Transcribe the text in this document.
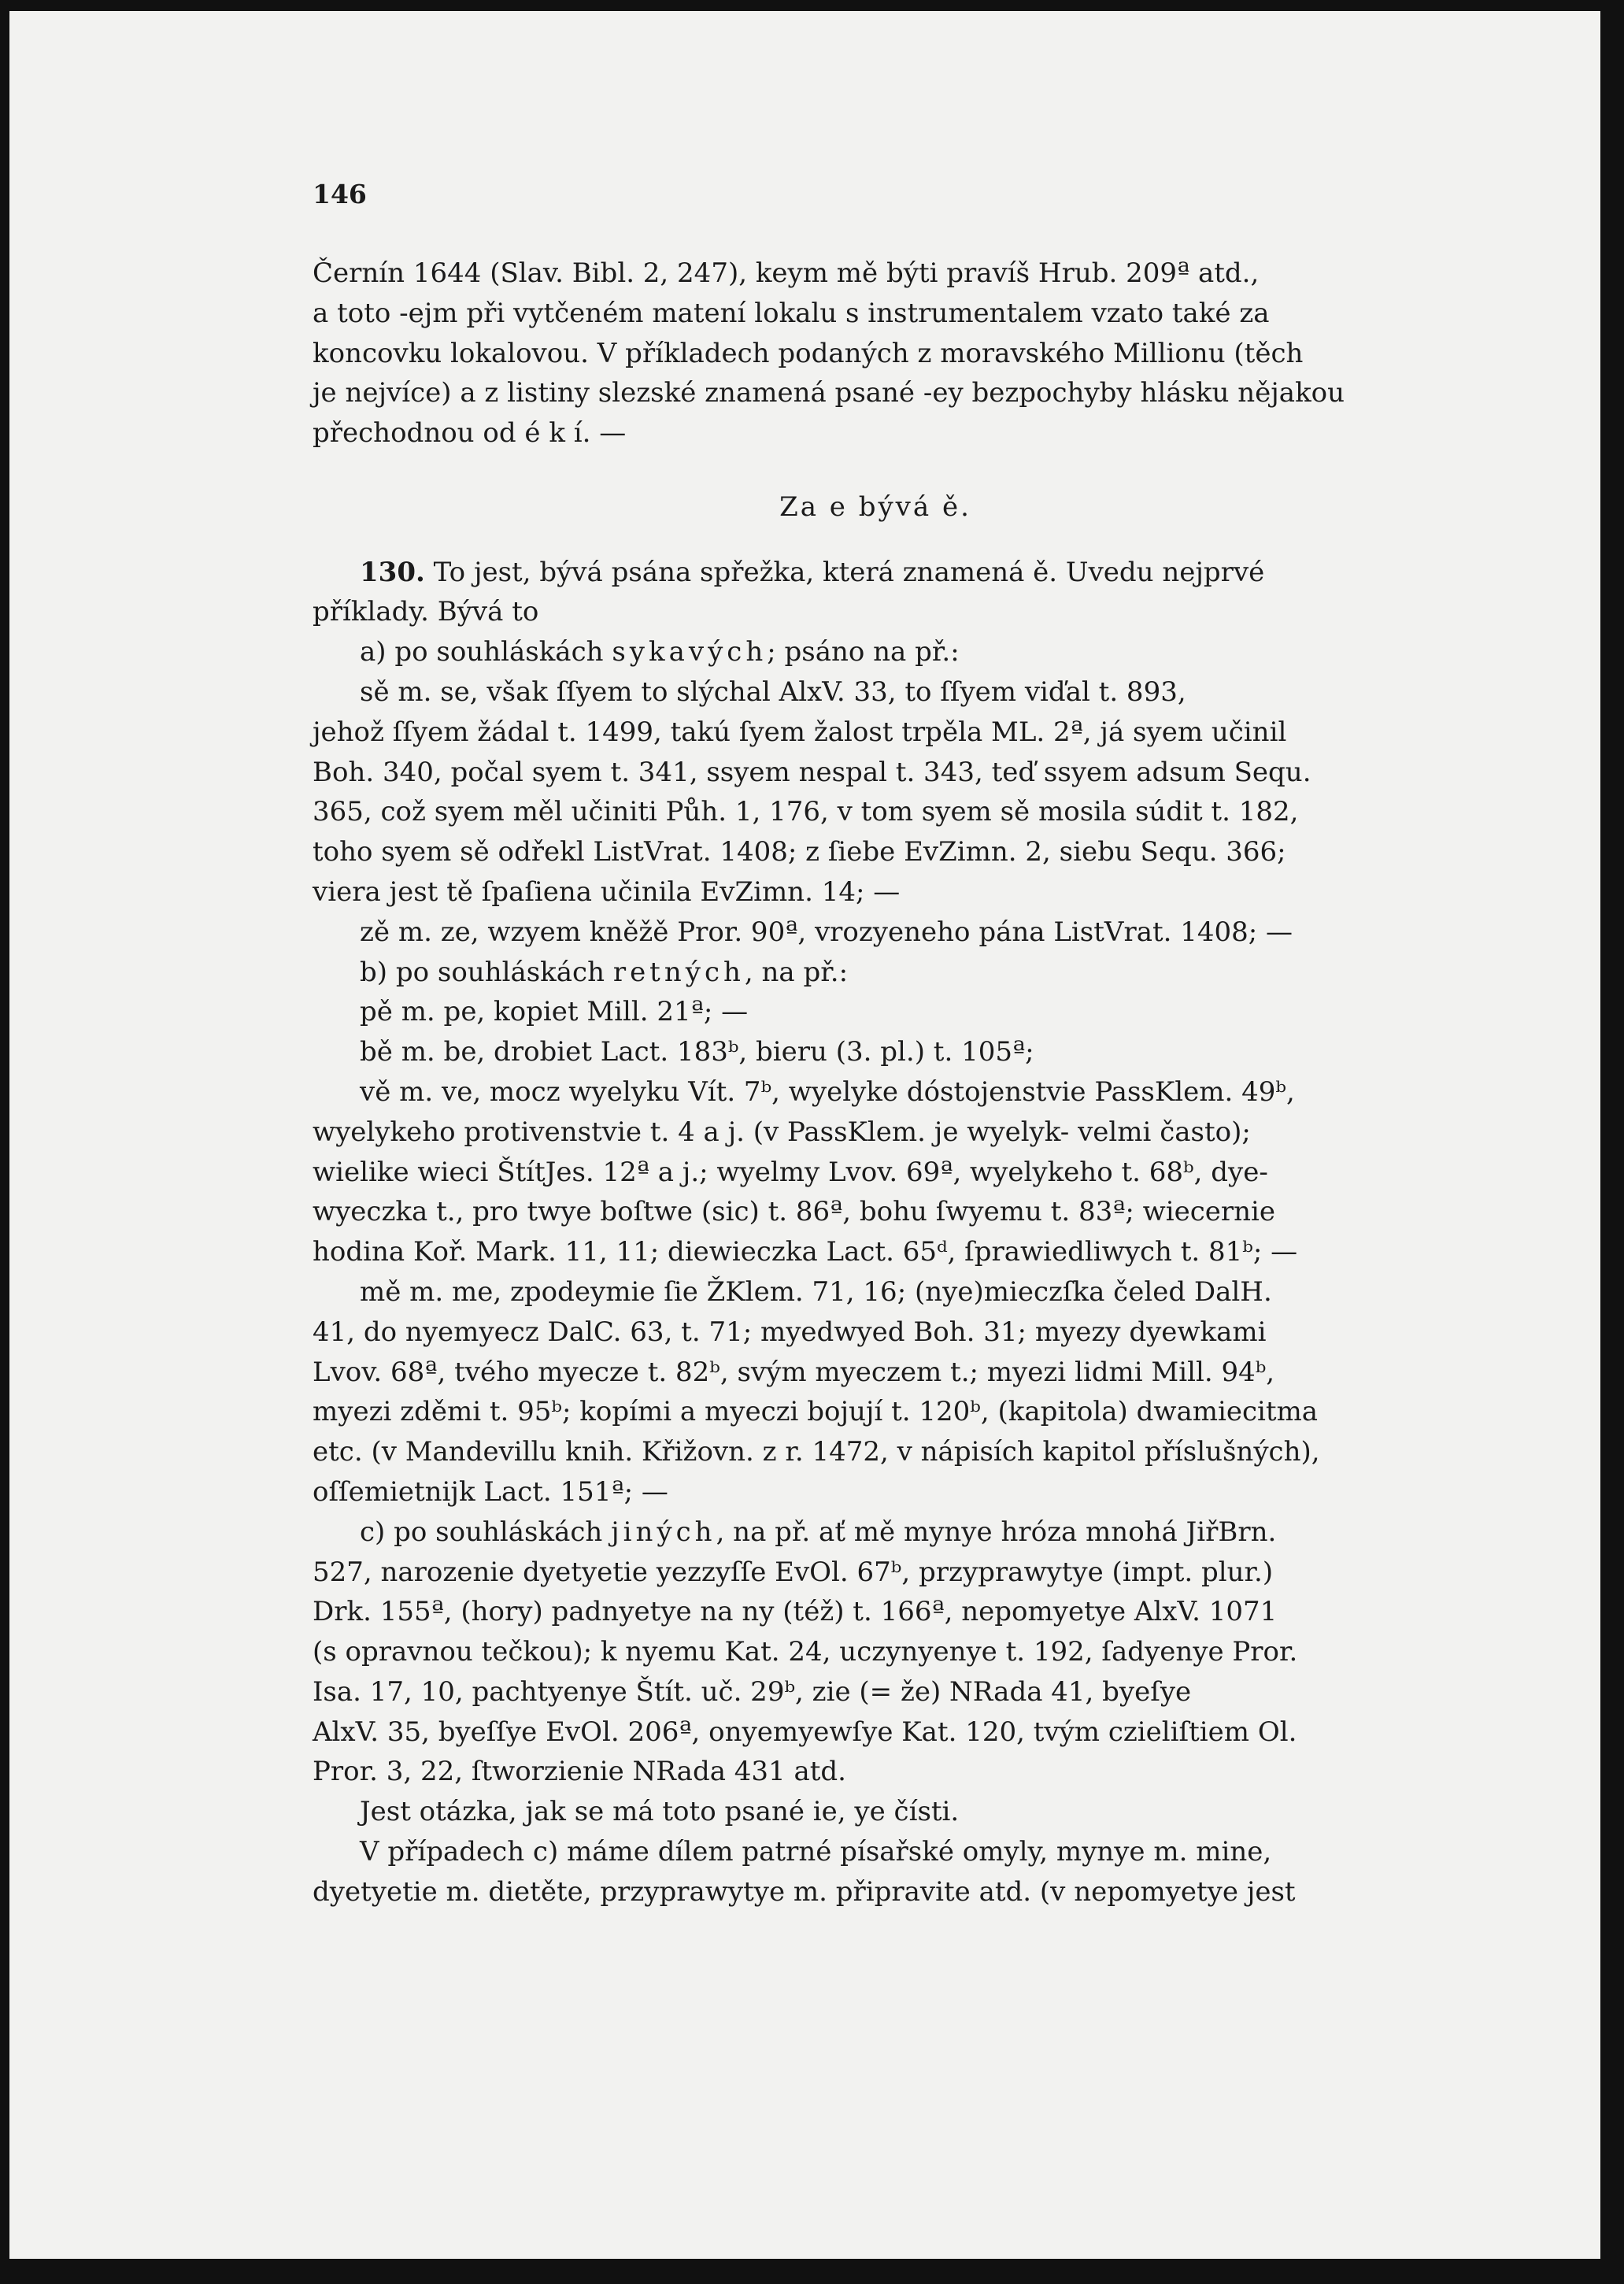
146
Černín 1644 (Slav. Bibl. 2, 247), keym mě býti pravíš Hrub. 209ª atd.,
a toto -ejm při vytčeném matení lokalu s instrumentalem vzato také za
koncovku lokalovou. V příkladech podaných z moravského Millionu (těch
je nejvíce) a z listiny slezské znamená psané -ey bezpochyby hlásku nějakou
přechodnou od é k í. —
Za e bývá ě.
130. To jest, bývá psána spřežka, která znamená ě. Uvedu nejprvé
příklady. Bývá to
a) po souhláskách sykavých; psáno na př.:
sě m. se, však ſſyem to slýchal AlxV. 33, to ſſyem viďal t. 893,
jehož ſſyem žádal t. 1499, takú ſyem žalost trpěla ML. 2ª, já syem učinil
Boh. 340, počal syem t. 341, ssyem nespal t. 343, teď ssyem adsum Sequ.
365, což syem měl učiniti Půh. 1, 176, v tom syem sě mosila súdit t. 182,
toho syem sě odřekl ListVrat. 1408; z ſiebe EvZimn. 2, siebu Sequ. 366;
viera jest tě ſpaſiena učinila EvZimn. 14; —
zě m. ze, wzyem kněžě Pror. 90ª, vrozyeneho pána ListVrat. 1408; —
b) po souhláskách retných, na př.:
pě m. pe, kopiet Mill. 21ª; —
bě m. be, drobiet Lact. 183ᵇ, bieru (3. pl.) t. 105ª;
vě m. ve, mocz wyelyku Vít. 7ᵇ, wyelyke dóstojenstvie PassKlem. 49ᵇ,
wyelykeho protivenstvie t. 4 a j. (v PassKlem. je wyelyk- velmi často);
wielike wieci ŠtítJes. 12ª a j.; wyelmy Lvov. 69ª, wyelykeho t. 68ᵇ, dye-
wyeczka t., pro twye boſtwe (sic) t. 86ª, bohu ſwyemu t. 83ª; wiecernie
hodina Koř. Mark. 11, 11; diewieczka Lact. 65ᵈ, ſprawiedliwych t. 81ᵇ; —
mě m. me, zpodeymie ſie ŽKlem. 71, 16; (nye)mieczſka čeled DalH.
41, do nyemyecz DalC. 63, t. 71; myedwyed Boh. 31; myezy dyewkami
Lvov. 68ª, tvého myecze t. 82ᵇ, svým myeczem t.; myezi lidmi Mill. 94ᵇ,
myezi zděmi t. 95ᵇ; kopími a myeczi bojují t. 120ᵇ, (kapitola) dwamiecitma
etc. (v Mandevillu knih. Křižovn. z r. 1472, v nápisích kapitol příslušných),
oſſemietnijk Lact. 151ª; —
c) po souhláskách jiných, na př. ať mě mynye hróza mnohá JiřBrn.
527, narozenie dyetyetie yezzyſſe EvOl. 67ᵇ, przyprawytye (impt. plur.)
Drk. 155ª, (hory) padnyetye na ny (též) t. 166ª, nepomyetye AlxV. 1071
(s opravnou tečkou); k nyemu Kat. 24, uczynyenye t. 192, ſadyenye Pror.
Isa. 17, 10, pachtyenye Štít. uč. 29ᵇ, zie (= že) NRada 41, byeſye
AlxV. 35, byeſſye EvOl. 206ª, onyemyewſye Kat. 120, tvým czieliſtiem Ol.
Pror. 3, 22, ſtworzienie NRada 431 atd.
Jest otázka, jak se má toto psané ie, ye čísti.
V případech c) máme dílem patrné písařské omyly, mynye m. mine,
dyetyetie m. dietěte, przyprawytye m. připravite atd. (v nepomyetye jest
